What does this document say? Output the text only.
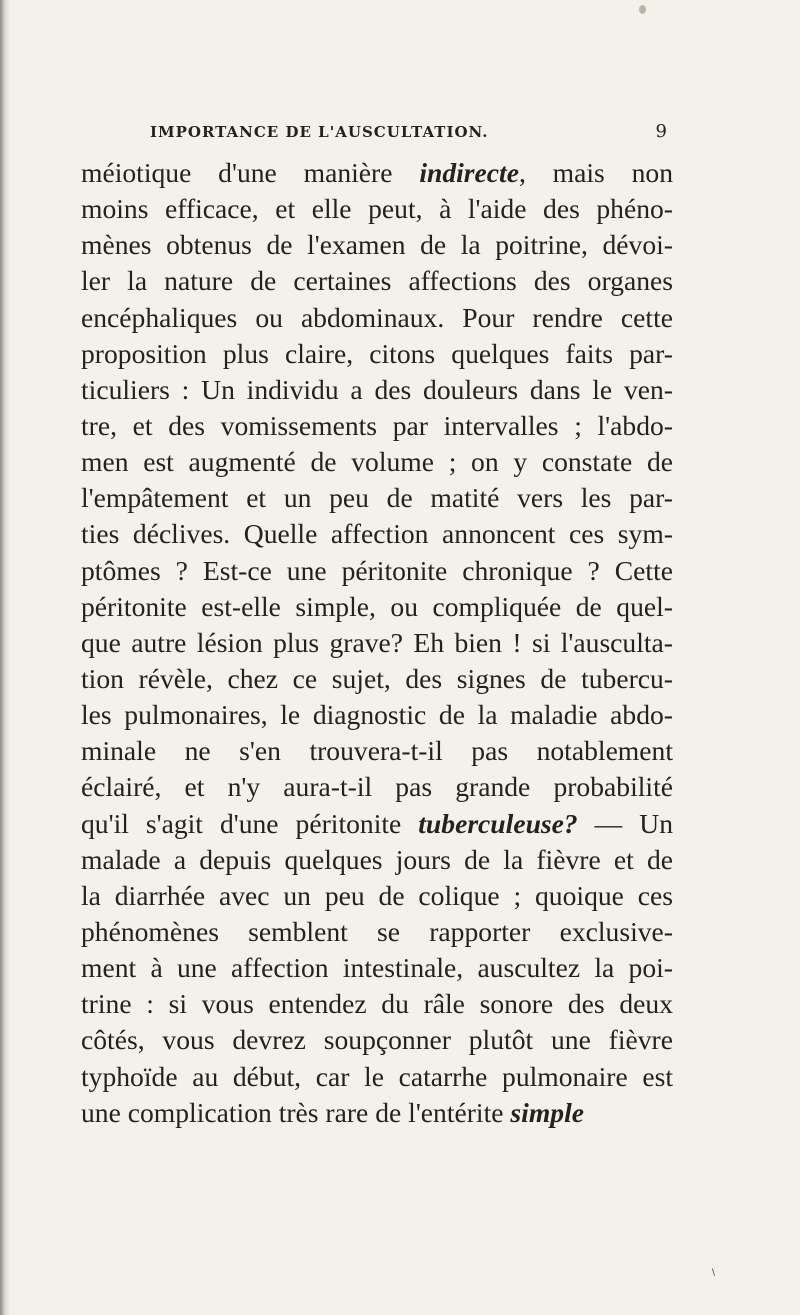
IMPORTANCE DE L'AUSCULTATION.	9
méiotique d'une manière indirecte, mais non
moins efficace, et elle peut, à l'aide des phéno-
mènes obtenus de l'examen de la poitrine, dévoi-
ler la nature de certaines affections des organes
encéphaliques ou abdominaux. Pour rendre cette
proposition plus claire, citons quelques faits par-
ticuliers : Un individu a des douleurs dans le ven-
tre, et des vomissements par intervalles ; l'abdo-
men est augmenté de volume ; on y constate de
l'empâtement et un peu de matité vers les par-
ties déclives. Quelle affection annoncent ces sym-
ptômes ? Est-ce une péritonite chronique ? Cette
péritonite est-elle simple, ou compliquée de quel-
que autre lésion plus grave? Eh bien ! si l'ausculta-
tion révèle, chez ce sujet, des signes de tubercu-
les pulmonaires, le diagnostic de la maladie abdo-
minale ne s'en trouvera-t-il pas notablement
éclairé, et n'y aura-t-il pas grande probabilité
qu'il s'agit d'une péritonite tuberculeuse? — Un
malade a depuis quelques jours de la fièvre et de
la diarrhée avec un peu de colique ; quoique ces
phénomènes semblent se rapporter exclusive-
ment à une affection intestinale, auscultez la poi-
trine : si vous entendez du râle sonore des deux
côtés, vous devrez soupçonner plutôt une fièvre
typhoïde au début, car le catarrhe pulmonaire est
une complication très rare de l'entérite simple
\
